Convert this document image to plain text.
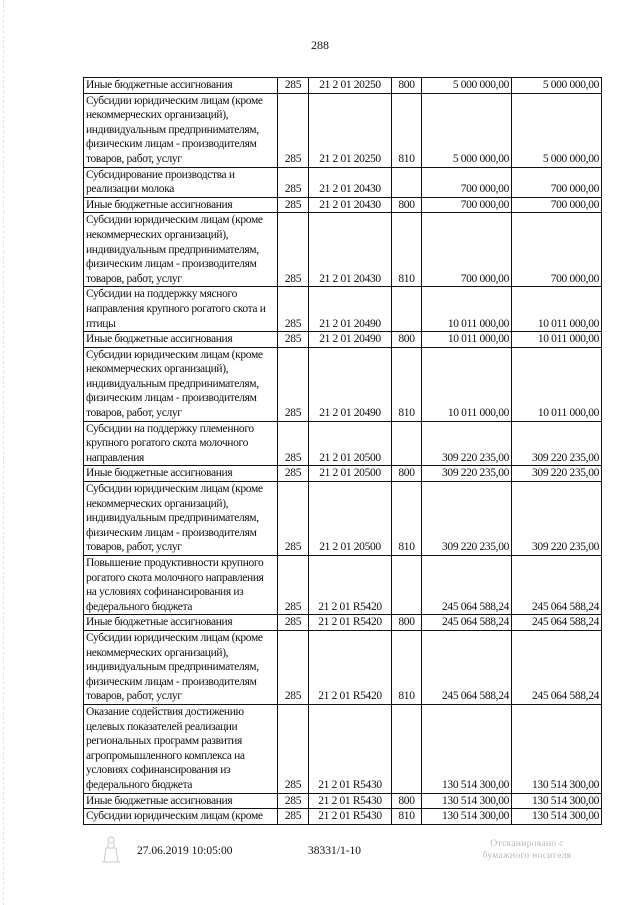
288
Иные бюджетные ассигнования	285	21 2 01 20250	800	5 000 000,00	5 000 000,00
Субсидии юридическим лицам (кроме некоммерческих организаций), индивидуальным предпринимателям, физическим лицам - производителям товаров, работ, услуг	285	21 2 01 20250	810	5 000 000,00	5 000 000,00
Субсидирование производства и реализации молока	285	21 2 01 20430		700 000,00	700 000,00
Иные бюджетные ассигнования	285	21 2 01 20430	800	700 000,00	700 000,00
Субсидии юридическим лицам (кроме некоммерческих организаций), индивидуальным предпринимателям, физическим лицам - производителям товаров, работ, услуг	285	21 2 01 20430	810	700 000,00	700 000,00
Субсидии на поддержку мясного направления крупного рогатого скота и птицы	285	21 2 01 20490		10 011 000,00	10 011 000,00
Иные бюджетные ассигнования	285	21 2 01 20490	800	10 011 000,00	10 011 000,00
Субсидии юридическим лицам (кроме некоммерческих организаций), индивидуальным предпринимателям, физическим лицам - производителям товаров, работ, услуг	285	21 2 01 20490	810	10 011 000,00	10 011 000,00
Субсидии на поддержку племенного крупного рогатого скота молочного направления	285	21 2 01 20500		309 220 235,00	309 220 235,00
Иные бюджетные ассигнования	285	21 2 01 20500	800	309 220 235,00	309 220 235,00
Субсидии юридическим лицам (кроме некоммерческих организаций), индивидуальным предпринимателям, физическим лицам - производителям товаров, работ, услуг	285	21 2 01 20500	810	309 220 235,00	309 220 235,00
Повышение продуктивности крупного рогатого скота молочного направления на условиях софинансирования из федерального бюджета	285	21 2 01 R5420		245 064 588,24	245 064 588,24
Иные бюджетные ассигнования	285	21 2 01 R5420	800	245 064 588,24	245 064 588,24
Субсидии юридическим лицам (кроме некоммерческих организаций), индивидуальным предпринимателям, физическим лицам - производителям товаров, работ, услуг	285	21 2 01 R5420	810	245 064 588,24	245 064 588,24
Оказание содействия достижению целевых показателей реализации региональных программ развития агропромышленного комплекса на условиях софинансирования из федерального бюджета	285	21 2 01 R5430		130 514 300,00	130 514 300,00
Иные бюджетные ассигнования	285	21 2 01 R5430	800	130 514 300,00	130 514 300,00
Субсидии юридическим лицам (кроме	285	21 2 01 R5430	810	130 514 300,00	130 514 300,00
27.06.2019 10:05:00	38331/1-10
Отсканировано с
бумажного носителя
